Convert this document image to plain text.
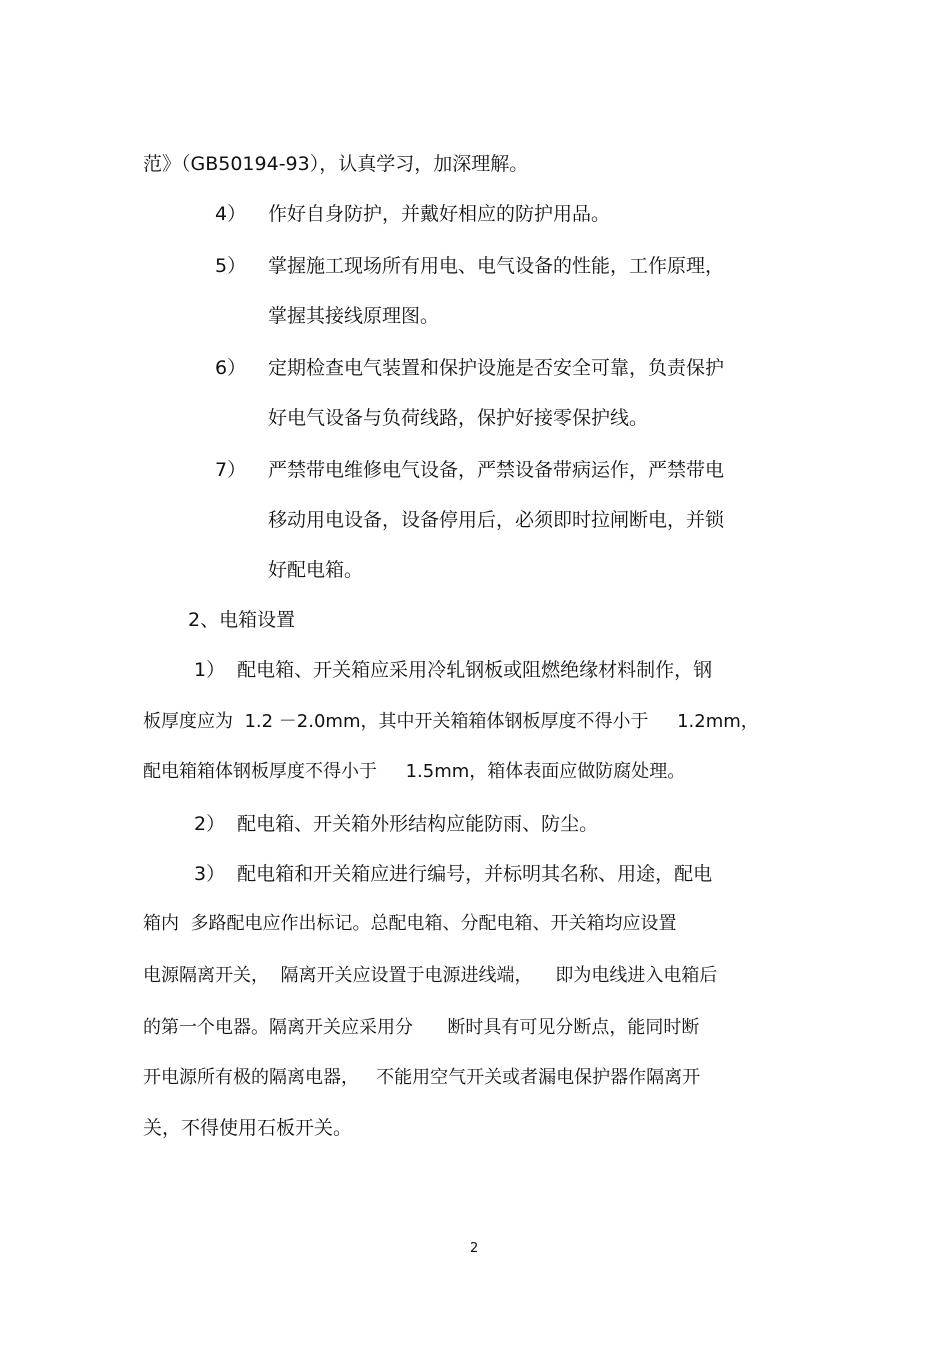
范》（GB50194-93），认真学习，加深理解。
4） 作好自身防护，并戴好相应的防护用品。
5） 掌握施工现场所有用电、电气设备的性能，工作原理，
掌握其接线原理图。
6） 定期检查电气装置和保护设施是否安全可靠，负责保护
好电气设备与负荷线路，保护好接零保护线。
7） 严禁带电维修电气设备，严禁设备带病运作，严禁带电
移动用电设备，设备停用后，必须即时拉闸断电，并锁
好配电箱。
2、电箱设置
1）  配电箱、开关箱应采用冷轧钢板或阻燃绝缘材料制作，钢
板厚度应为  1.2 －2.0mm，其中开关箱箱体钢板厚度不得小于     1.2mm，
配电箱箱体钢板厚度不得小于     1.5mm，箱体表面应做防腐处理。
2）  配电箱、开关箱外形结构应能防雨、防尘。
3）  配电箱和开关箱应进行编号，并标明其名称、用途，配电
箱内  多路配电应作出标记。总配电箱、分配电箱、开关箱均应设置
电源隔离开关，  隔离开关应设置于电源进线端，    即为电线进入电箱后
的第一个电器。隔离开关应采用分      断时具有可见分断点，能同时断
开电源所有极的隔离电器，   不能用空气开关或者漏电保护器作隔离开
关，不得使用石板开关。
2
